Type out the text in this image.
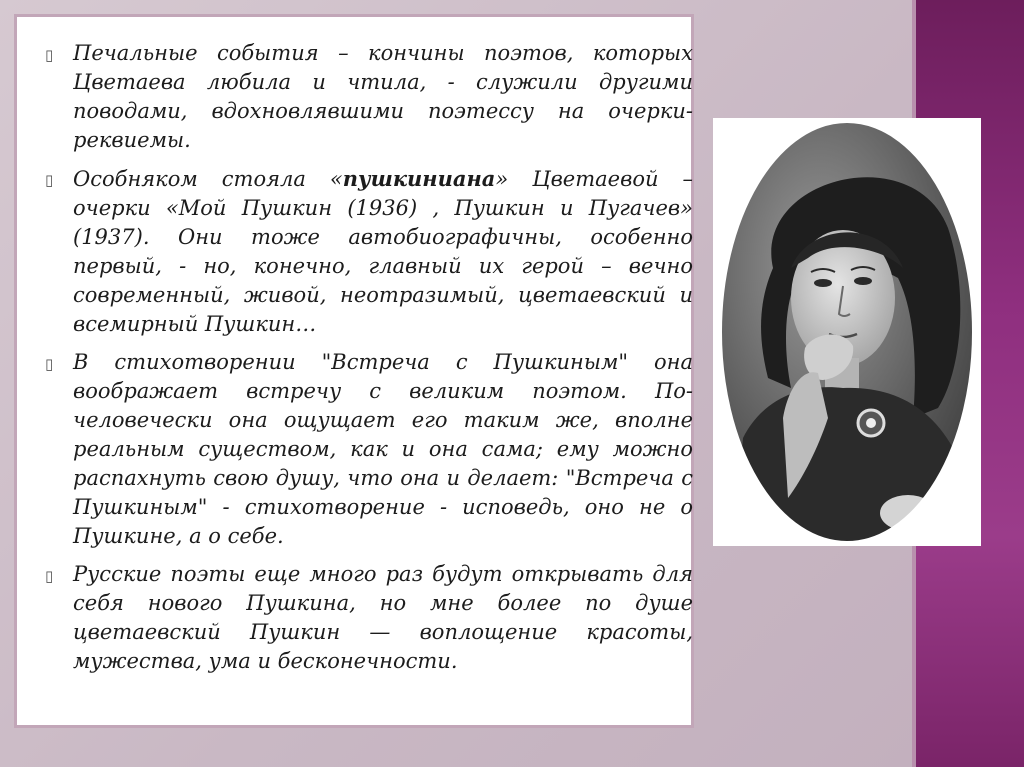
▯ Печальные события – кончины поэтов, которых Цветаева любила и чтила, - служили другими поводами, вдохновлявшими поэтессу на очерки-реквиемы.
▯ Особняком стояла «пушкиниана» Цветаевой – очерки «Мой Пушкин (1936) , Пушкин и Пугачев» (1937). Они тоже автобиографичны, особенно первый, - но, конечно, главный их герой – вечно современный, живой, неотразимый, цветаевский и всемирный Пушкин…
▯ В стихотворении "Встреча с Пушкиным" она воображает встречу с великим поэтом. По-человечески она ощущает его таким же, вполне реальным существом, как и она сама; ему можно распахнуть свою душу, что она и делает: "Встреча с Пушкиным" - стихотворение - исповедь, оно не о Пушкине, а о себе.
▯ Русские поэты еще много раз будут открывать для себя нового Пушкина, но мне более по душе цветаевский Пушкин — воплощение красоты, мужества, ума и бесконечности.
